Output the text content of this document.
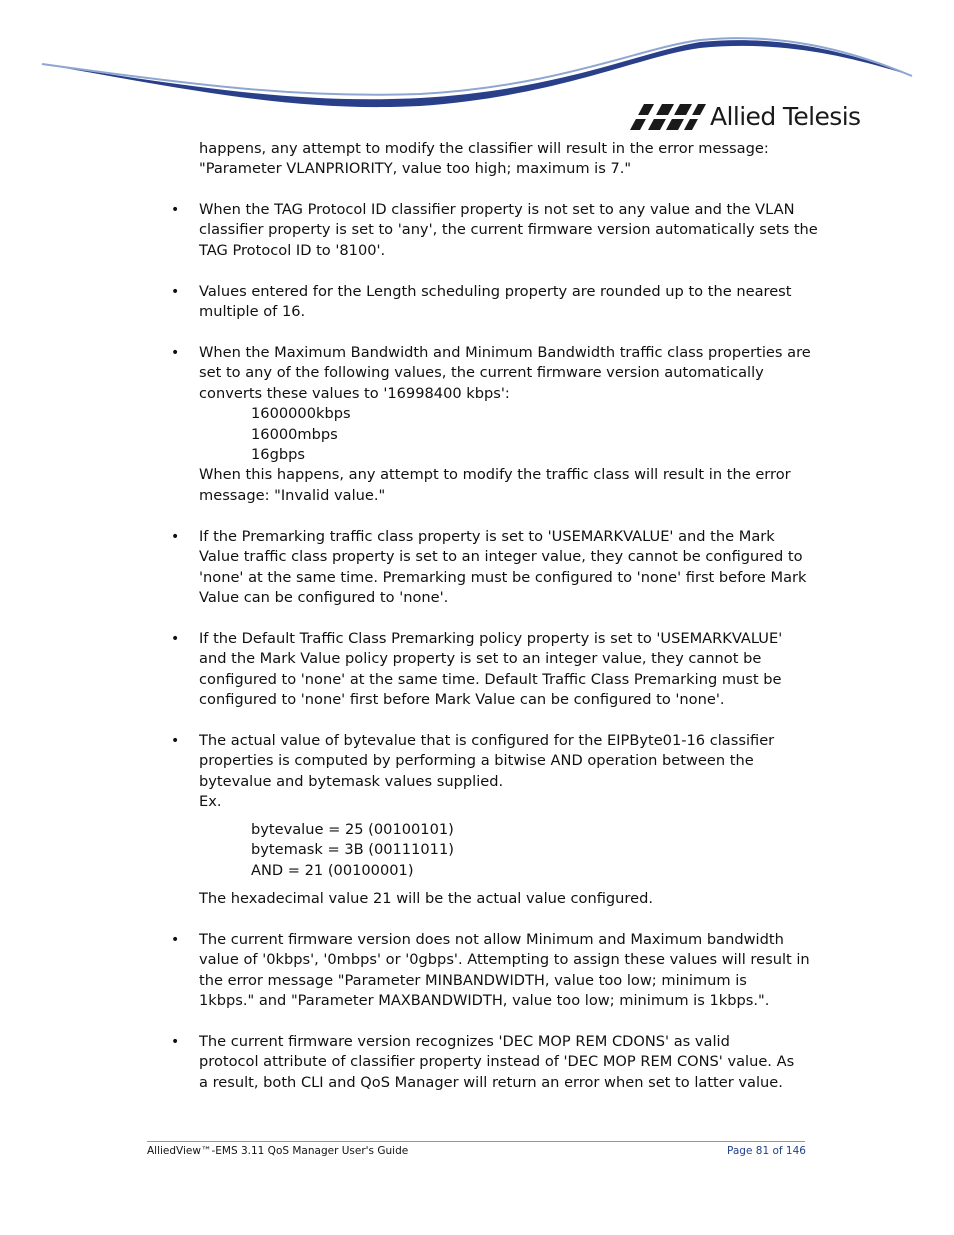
Allied Telesis
happens, any attempt to modify the classifier will result in the error message:
"Parameter VLANPRIORITY, value too high; maximum is 7."
• When the TAG Protocol ID classifier property is not set to any value and the VLAN
classifier property is set to 'any', the current firmware version automatically sets the
TAG Protocol ID to '8100'.
• Values entered for the Length scheduling property are rounded up to the nearest
multiple of 16.
• When the Maximum Bandwidth and Minimum Bandwidth traffic class properties are
set to any of the following values, the current firmware version automatically
converts these values to '16998400 kbps':
1600000kbps
16000mbps
16gbps
When this happens, any attempt to modify the traffic class will result in the error
message: "Invalid value."
• If the Premarking traffic class property is set to 'USEMARKVALUE' and the Mark
Value traffic class property is set to an integer value, they cannot be configured to
'none' at the same time. Premarking must be configured to 'none' first before Mark
Value can be configured to 'none'.
• If the Default Traffic Class Premarking policy property is set to 'USEMARKVALUE'
and the Mark Value policy property is set to an integer value, they cannot be
configured to 'none' at the same time. Default Traffic Class Premarking must be
configured to 'none' first before Mark Value can be configured to 'none'.
• The actual value of bytevalue that is configured for the EIPByte01-16 classifier
properties is computed by performing a bitwise AND operation between the
bytevalue and bytemask values supplied.
Ex.
bytevalue = 25 (00100101)
bytemask = 3B (00111011)
AND = 21 (00100001)
The hexadecimal value 21 will be the actual value configured.
• The current firmware version does not allow Minimum and Maximum bandwidth
value of '0kbps', '0mbps' or '0gbps'. Attempting to assign these values will result in
the error message "Parameter MINBANDWIDTH, value too low; minimum is
1kbps." and "Parameter MAXBANDWIDTH, value too low; minimum is 1kbps.".
• The current firmware version recognizes 'DEC MOP REM CDONS' as valid
protocol attribute of classifier property instead of 'DEC MOP REM CONS' value. As
a result, both CLI and QoS Manager will return an error when set to latter value.
AlliedView™-EMS 3.11 QoS Manager User's Guide	Page 81 of 146
